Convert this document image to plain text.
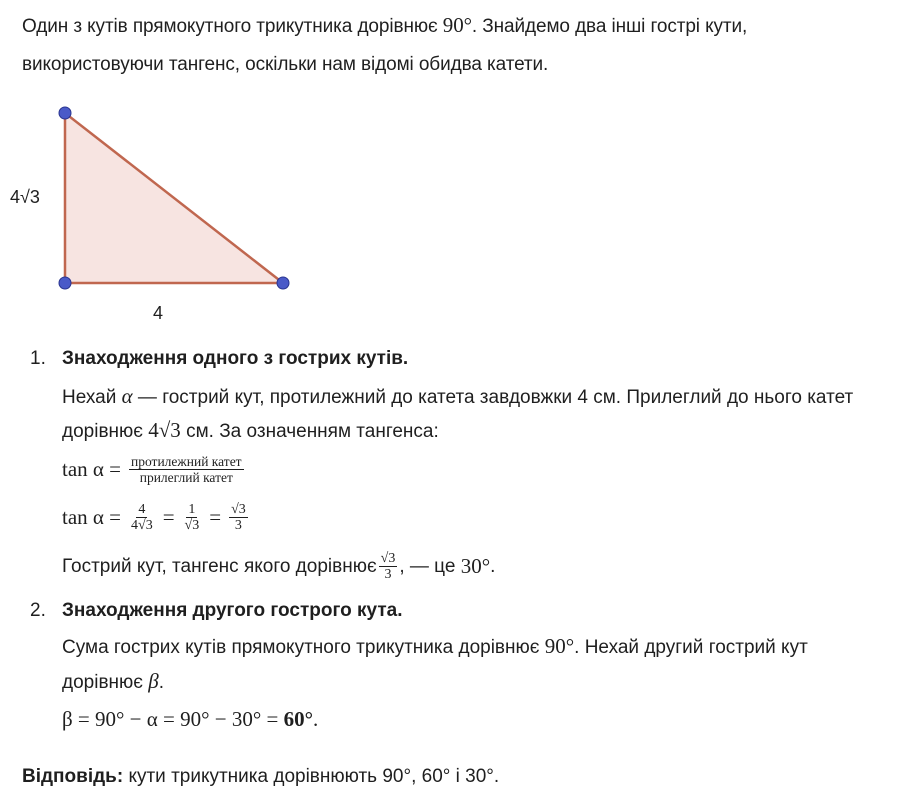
Один з кутів прямокутного трикутника дорівнює 90°. Знайдемо два інші гострі кути,
використовуючи тангенс, оскільки нам відомі обидва катети.
4√3
4
1. Знаходження одного з гострих кутів.
Нехай α — гострий кут, протилежний до катета завдовжки 4 см. Прилеглий до нього катет
дорівнює 4√3 см. За означенням тангенса:
$\tan \alpha = \frac{\text{протилежний катет}}{\text{прилеглий катет}}$
$\tan \alpha = \frac{4}{4√3} = \frac{1}{√3} = \frac{√3}{3}$
Гострий кут, тангенс якого дорівнює $\frac{√3}{3}$ , — це
30° .
2. Знаходження другого гострого кута.
Сума гострих кутів прямокутного трикутника дорівнює 90°. Нехай другий гострий кут
дорівнює β.
β = 90° − α = 90° − 30° = 60° .
Відповідь: кути трикутника дорівнюють 90°, 60° і 30°.
